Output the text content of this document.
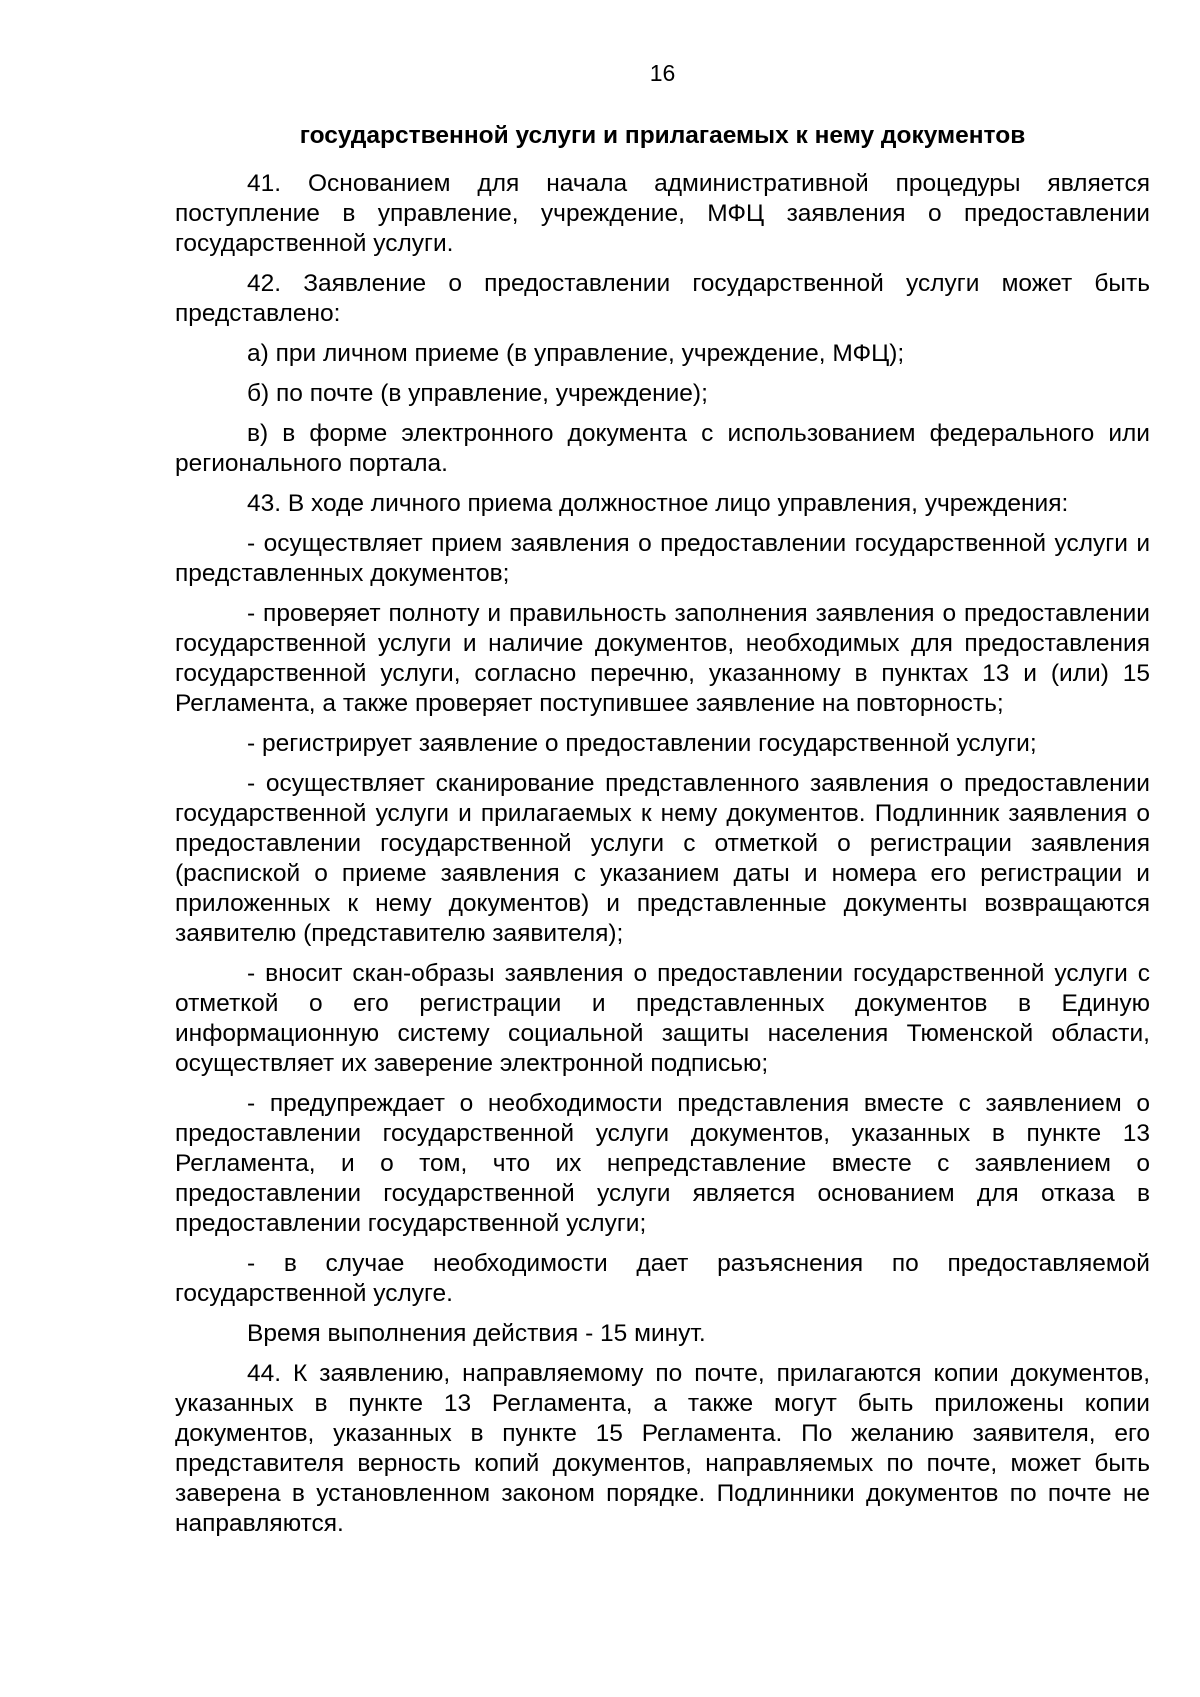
16
государственной услуги и прилагаемых к нему документов

41. Основанием для начала административной процедуры является поступление в управление, учреждение, МФЦ заявления о предоставлении государственной услуги.

42. Заявление о предоставлении государственной услуги может быть представлено:

а) при личном приеме (в управление, учреждение, МФЦ);

б) по почте (в управление, учреждение);

в) в форме электронного документа с использованием федерального или регионального портала.

43. В ходе личного приема должностное лицо управления, учреждения:

- осуществляет прием заявления о предоставлении государственной услуги и представленных документов;

- проверяет полноту и правильность заполнения заявления о предоставлении государственной услуги и наличие документов, необходимых для предоставления государственной услуги, согласно перечню, указанному в пунктах 13 и (или) 15 Регламента, а также проверяет поступившее заявление на повторность;

- регистрирует заявление о предоставлении государственной услуги;

- осуществляет сканирование представленного заявления о предоставлении государственной услуги и прилагаемых к нему документов. Подлинник заявления о предоставлении государственной услуги с отметкой о регистрации заявления (распиской о приеме заявления с указанием даты и номера его регистрации и приложенных к нему документов) и представленные документы возвращаются заявителю (представителю заявителя);

- вносит скан-образы заявления о предоставлении государственной услуги с отметкой о его регистрации и представленных документов в Единую информационную систему социальной защиты населения Тюменской области, осуществляет их заверение электронной подписью;

- предупреждает о необходимости представления вместе с заявлением о предоставлении государственной услуги документов, указанных в пункте 13 Регламента, и о том, что их непредставление вместе с заявлением о предоставлении государственной услуги является основанием для отказа в предоставлении государственной услуги;

- в случае необходимости дает разъяснения по предоставляемой государственной услуге.

Время выполнения действия - 15 минут.

44. К заявлению, направляемому по почте, прилагаются копии документов, указанных в пункте 13 Регламента, а также могут быть приложены копии документов, указанных в пункте 15 Регламента. По желанию заявителя, его представителя верность копий документов, направляемых по почте, может быть заверена в установленном законом порядке. Подлинники документов по почте не направляются.
